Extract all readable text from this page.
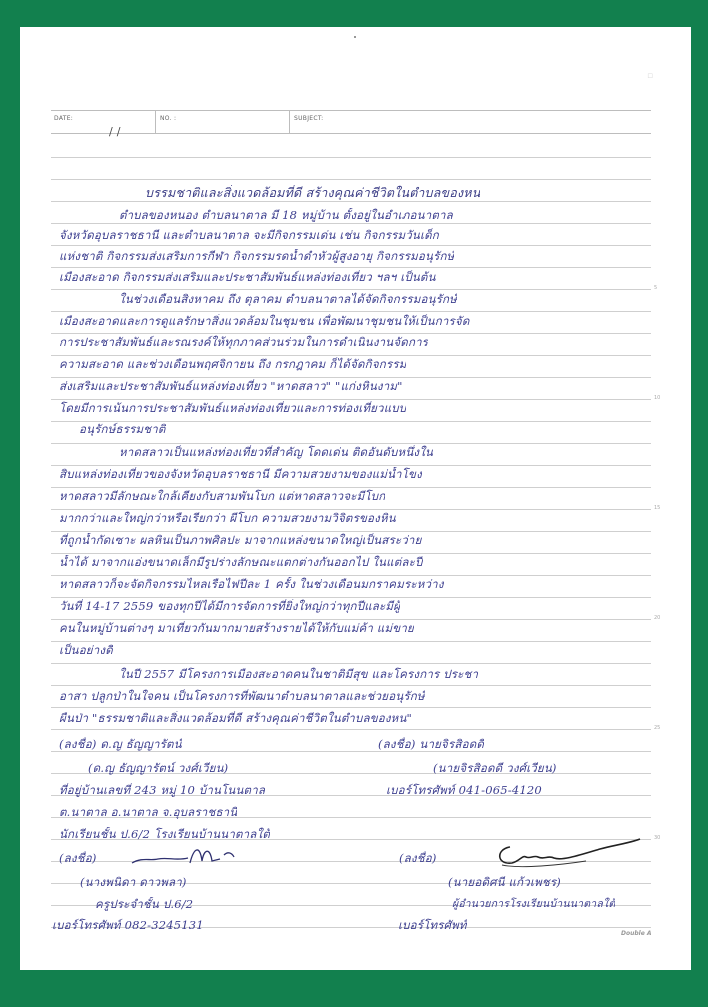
▫
DATE:
/ /
NO. :	SUBJECT:
บรรมชาติและสิ่งแวดล้อมที่ดี สร้างคุณค่าชีวิตในตำบลของหน
ตำบลของหนอง ตำบลนาตาล มี 18 หมู่บ้าน ตั้งอยู่ในอำเภอนาตาล
จังหวัดอุบลราชธานี และตำบลนาตาล จะมีกิจกรรมเด่น เช่น กิจกรรมวันเด็ก
แห่งชาติ กิจกรรมส่งเสริมการกีฬา กิจกรรมรดน้ำดำหัวผู้สูงอายุ กิจกรรมอนุรักษ์
เมืองสะอาด กิจกรรมส่งเสริมและประชาสัมพันธ์แหล่งท่องเที่ยว ฯลฯ เป็นต้น
ในช่วงเดือนสิงหาคม ถึง ตุลาคม ตำบลนาตาลได้จัดกิจกรรมอนุรักษ์
เมืองสะอาดและการดูแลรักษาสิ่งแวดล้อมในชุมชน เพื่อพัฒนาชุมชนให้เป็นการจัด
การประชาสัมพันธ์และรณรงค์ให้ทุกภาคส่วนร่วมในการดำเนินงานจัดการ
ความสะอาด และช่วงเดือนพฤศจิกายน ถึง กรกฎาคม ก็ได้จัดกิจกรรม
ส่งเสริมและประชาสัมพันธ์แหล่งท่องเที่ยว "หาดสลาว" "แก่งหินงาม"
โดยมีการเน้นการประชาสัมพันธ์แหล่งท่องเที่ยวและการท่องเที่ยวแบบ
อนุรักษ์ธรรมชาติ
หาดสลาวเป็นแหล่งท่องเที่ยวที่สำคัญ โดดเด่น ติดอันดับหนึ่งใน
สิบแหล่งท่องเที่ยวของจังหวัดอุบลราชธานี มีความสวยงามของแม่น้ำโขง
หาดสลาวมีลักษณะใกล้เคียงกับสามพันโบก แต่หาดสลาวจะมีโบก
มากกว่าและใหญ่กว่าหรือเรียกว่า ผีโบก ความสวยงามวิจิตรของหิน
ที่ถูกน้ำกัดเซาะ ผลหินเป็นภาพศิลปะ มาจากแหล่งขนาดใหญ่เป็นสระว่าย
น้ำได้ มาจากแอ่งขนาดเล็กมีรูปร่างลักษณะแตกต่างกันออกไป ในแต่ละปี
หาดสลาวก็จะจัดกิจกรรมไหลเรือไฟปีละ 1 ครั้ง ในช่วงเดือนมกราคมระหว่าง
วันที่ 14-17 2559 ของทุกปีได้มีการจัดการที่ยิ่งใหญ่กว่าทุกปีและมีผู้
คนในหมู่บ้านต่างๆ มาเที่ยวกันมากมายสร้างรายได้ให้กับแม่ค้า แม่ขาย
เป็นอย่างดี
ในปี 2557 มีโครงการเมืองสะอาดคนในชาติมีสุข และโครงการ ประชา
อาสา ปลูกป่าในใจคน เป็นโครงการที่พัฒนาตำบลนาตาลและช่วยอนุรักษ์
ผืนป่า "ธรรมชาติและสิ่งแวดล้อมที่ดี สร้างคุณค่าชีวิตในตำบลของหน"
(ลงชื่อ) ด.ญ ธัญญารัตน์	(ลงชื่อ) นายจิรสิอดดี
(ด.ญ ธัญญารัตน์ วงศ์เวียน)	(นายจิรสิอดดี วงศ์เวียน)
ที่อยู่บ้านเลขที่ 243 หมู่ 10 บ้านโนนตาล	เบอร์โทรศัพท์ 041-065-4120
ต.นาตาล อ.นาตาล จ.อุบลราชธานี
นักเรียนชั้น ป.6/2 โรงเรียนบ้านนาตาลใต้
(ลงชื่อ)	(ลงชื่อ)
(นางพนิดา ดาวพลา)	(นายอดิศนี แก้วเพชร)
ครูประจำชั้น ป.6/2	ผู้อำนวยการโรงเรียนบ้านนาตาลใต้
เบอร์โทรศัพท์ 082-3245131	เบอร์โทรศัพท์
5
10
15
20
25
30
Double A
